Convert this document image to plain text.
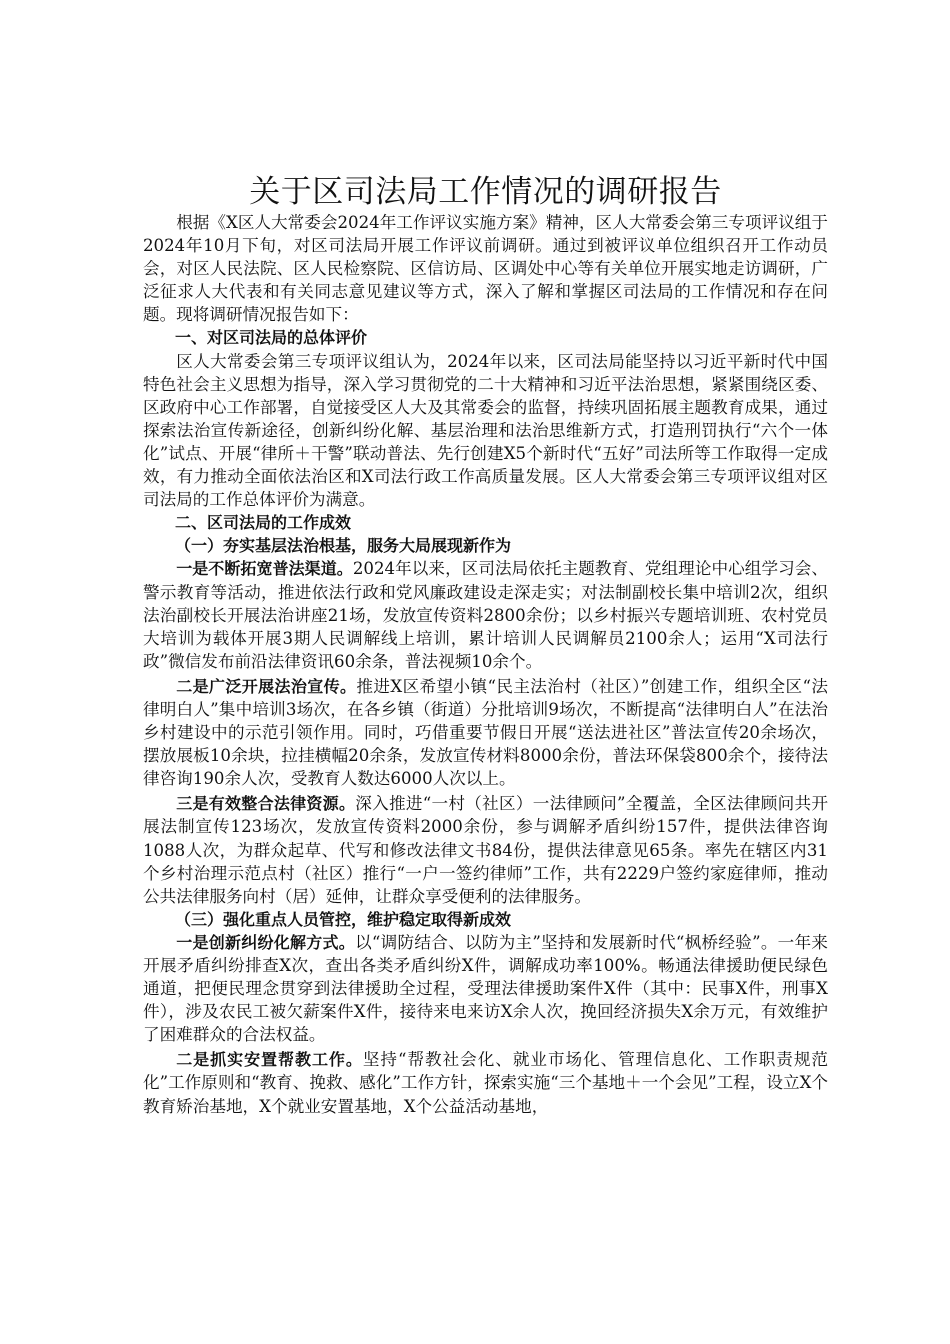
关于区司法局工作情况的调研报告

根据《X区人大常委会2024年工作评议实施方案》精神，区人大常委会第三专项评议组于2024年10月下旬，对区司法局开展工作评议前调研。通过到被评议单位组织召开工作动员会，对区人民法院、区人民检察院、区信访局、区调处中心等有关单位开展实地走访调研，广泛征求人大代表和有关同志意见建议等方式，深入了解和掌握区司法局的工作情况和存在问题。现将调研情况报告如下：

一、对区司法局的总体评价

区人大常委会第三专项评议组认为，2024年以来，区司法局能坚持以习近平新时代中国特色社会主义思想为指导，深入学习贯彻党的二十大精神和习近平法治思想，紧紧围绕区委、区政府中心工作部署，自觉接受区人大及其常委会的监督，持续巩固拓展主题教育成果，通过探索法治宣传新途径，创新纠纷化解、基层治理和法治思维新方式，打造刑罚执行“六个一体化”试点、开展“律所＋干警”联动普法、先行创建X5个新时代“五好”司法所等工作取得一定成效，有力推动全面依法治区和X司法行政工作高质量发展。区人大常委会第三专项评议组对区司法局的工作总体评价为满意。

二、区司法局的工作成效

（一）夯实基层法治根基，服务大局展现新作为

一是不断拓宽普法渠道。2024年以来，区司法局依托主题教育、党组理论中心组学习会、警示教育等活动，推进依法行政和党风廉政建设走深走实；对法制副校长集中培训2次，组织法治副校长开展法治讲座21场，发放宣传资料2800余份；以乡村振兴专题培训班、农村党员大培训为载体开展3期人民调解线上培训，累计培训人民调解员2100余人；运用“X司法行政”微信发布前沿法律资讯60余条，普法视频10余个。

二是广泛开展法治宣传。推进X区希望小镇“民主法治村（社区）”创建工作，组织全区“法律明白人”集中培训3场次，在各乡镇（街道）分批培训9场次，不断提高“法律明白人”在法治乡村建设中的示范引领作用。同时，巧借重要节假日开展“送法进社区”普法宣传20余场次，摆放展板10余块，拉挂横幅20余条，发放宣传材料8000余份，普法环保袋800余个，接待法律咨询190余人次，受教育人数达6000人次以上。

三是有效整合法律资源。深入推进“一村（社区）一法律顾问”全覆盖，全区法律顾问共开展法制宣传123场次，发放宣传资料2000余份，参与调解矛盾纠纷157件，提供法律咨询1088人次，为群众起草、代写和修改法律文书84份，提供法律意见65条。率先在辖区内31个乡村治理示范点村（社区）推行“一户一签约律师”工作，共有2229户签约家庭律师，推动公共法律服务向村（居）延伸，让群众享受便利的法律服务。

（三）强化重点人员管控，维护稳定取得新成效

一是创新纠纷化解方式。以“调防结合、以防为主”坚持和发展新时代“枫桥经验”。一年来开展矛盾纠纷排查X次，查出各类矛盾纠纷X件，调解成功率100%。畅通法律援助便民绿色通道，把便民理念贯穿到法律援助全过程，受理法律援助案件X件（其中：民事X件，刑事X件），涉及农民工被欠薪案件X件，接待来电来访X余人次，挽回经济损失X余万元，有效维护了困难群众的合法权益。

二是抓实安置帮教工作。坚持“帮教社会化、就业市场化、管理信息化、工作职责规范化”工作原则和“教育、挽救、感化”工作方针，探索实施“三个基地＋一个会见”工程，设立X个教育矫治基地，X个就业安置基地，X个公益活动基地，
